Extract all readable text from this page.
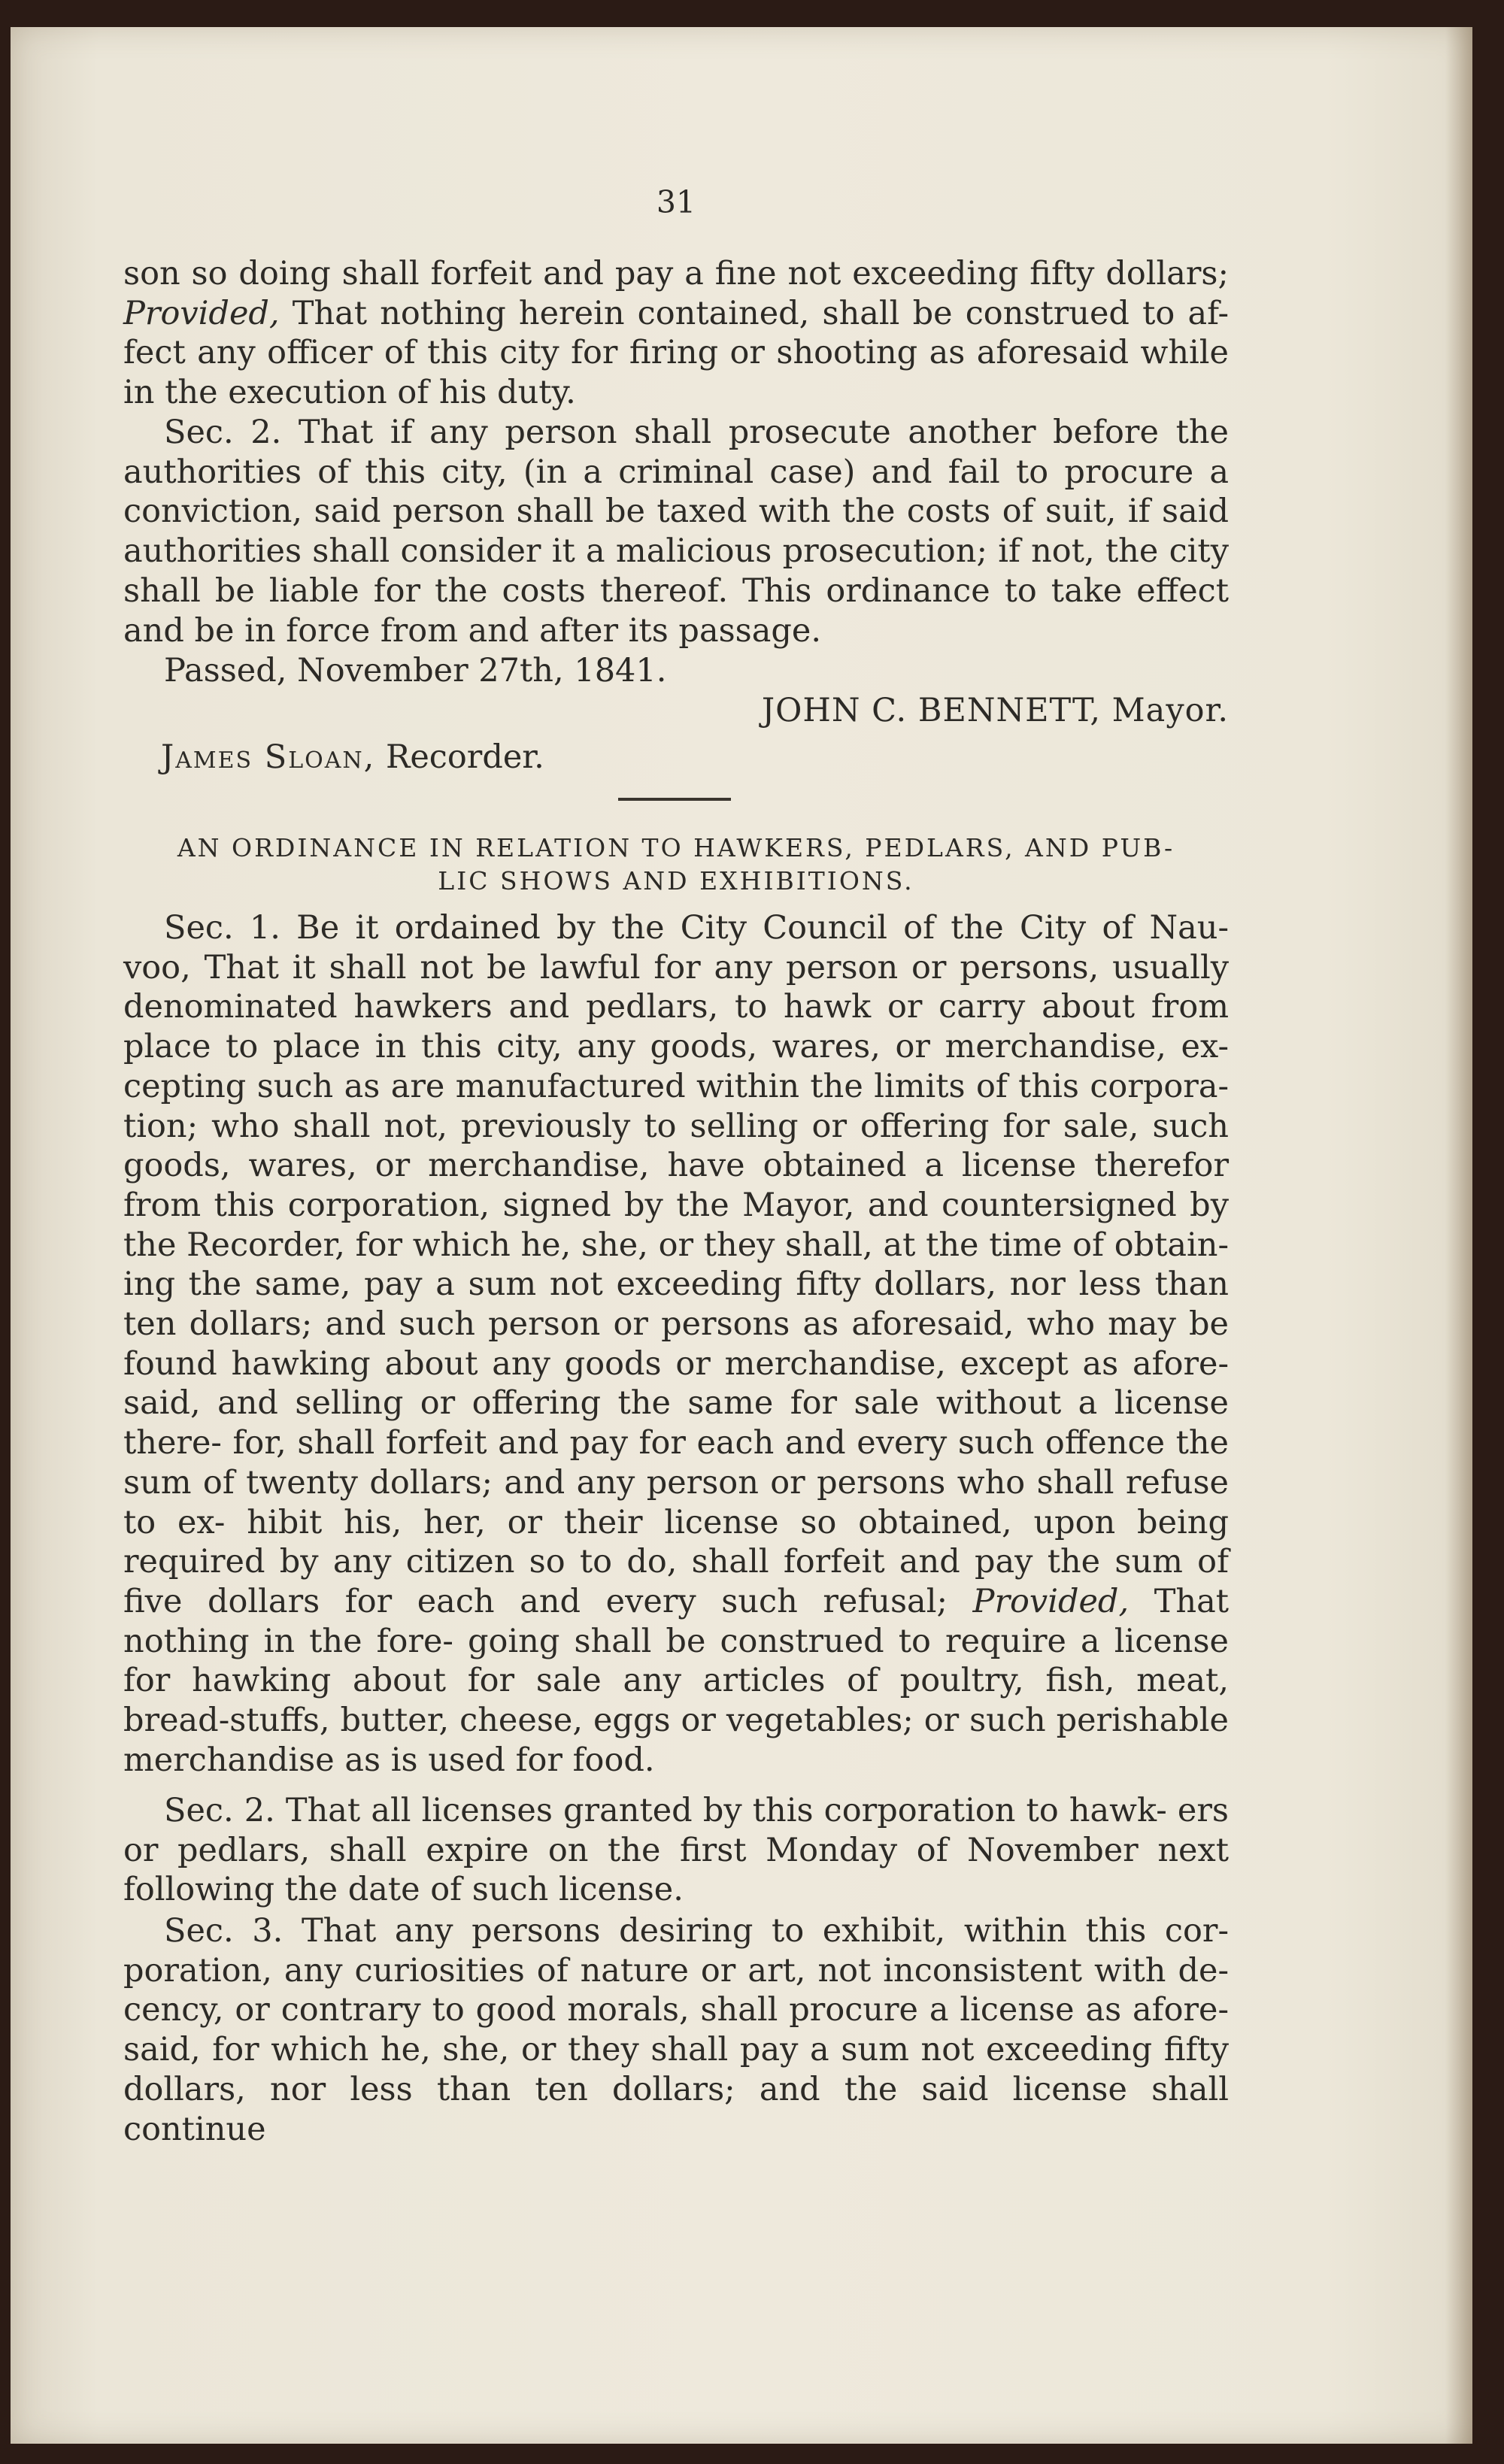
31

son so doing shall forfeit and pay a fine not exceeding fifty dollars; Provided, That nothing herein contained, shall be construed to af- fect any officer of this city for firing or shooting as aforesaid while in the execution of his duty.

Sec. 2. That if any person shall prosecute another before the authorities of this city, (in a criminal case) and fail to procure a conviction, said person shall be taxed with the costs of suit, if said authorities shall consider it a malicious prosecution; if not, the city shall be liable for the costs thereof. This ordinance to take effect and be in force from and after its passage.

Passed, November 27th, 1841.
JOHN C. BENNETT, Mayor.
James Sloan, Recorder.
AN ORDINANCE IN RELATION TO HAWKERS, PEDLARS, AND PUB-
LIC SHOWS AND EXHIBITIONS.

Sec. 1. Be it ordained by the City Council of the City of Nau- voo, That it shall not be lawful for any person or persons, usually denominated hawkers and pedlars, to hawk or carry about from place to place in this city, any goods, wares, or merchandise, ex- cepting such as are manufactured within the limits of this corpora- tion; who shall not, previously to selling or offering for sale, such goods, wares, or merchandise, have obtained a license therefor from this corporation, signed by the Mayor, and countersigned by the Recorder, for which he, she, or they shall, at the time of obtain- ing the same, pay a sum not exceeding fifty dollars, nor less than ten dollars; and such person or persons as aforesaid, who may be found hawking about any goods or merchandise, except as afore- said, and selling or offering the same for sale without a license there- for, shall forfeit and pay for each and every such offence the sum of twenty dollars; and any person or persons who shall refuse to ex- hibit his, her, or their license so obtained, upon being required by any citizen so to do, shall forfeit and pay the sum of five dollars for each and every such refusal; Provided, That nothing in the fore- going shall be construed to require a license for hawking about for sale any articles of poultry, fish, meat, bread-stuffs, butter, cheese, eggs or vegetables; or such perishable merchandise as is used for food.

Sec. 2. That all licenses granted by this corporation to hawk- ers or pedlars, shall expire on the first Monday of November next following the date of such license.

Sec. 3. That any persons desiring to exhibit, within this cor- poration, any curiosities of nature or art, not inconsistent with de- cency, or contrary to good morals, shall procure a license as afore- said, for which he, she, or they shall pay a sum not exceeding fifty dollars, nor less than ten dollars; and the said license shall continue
